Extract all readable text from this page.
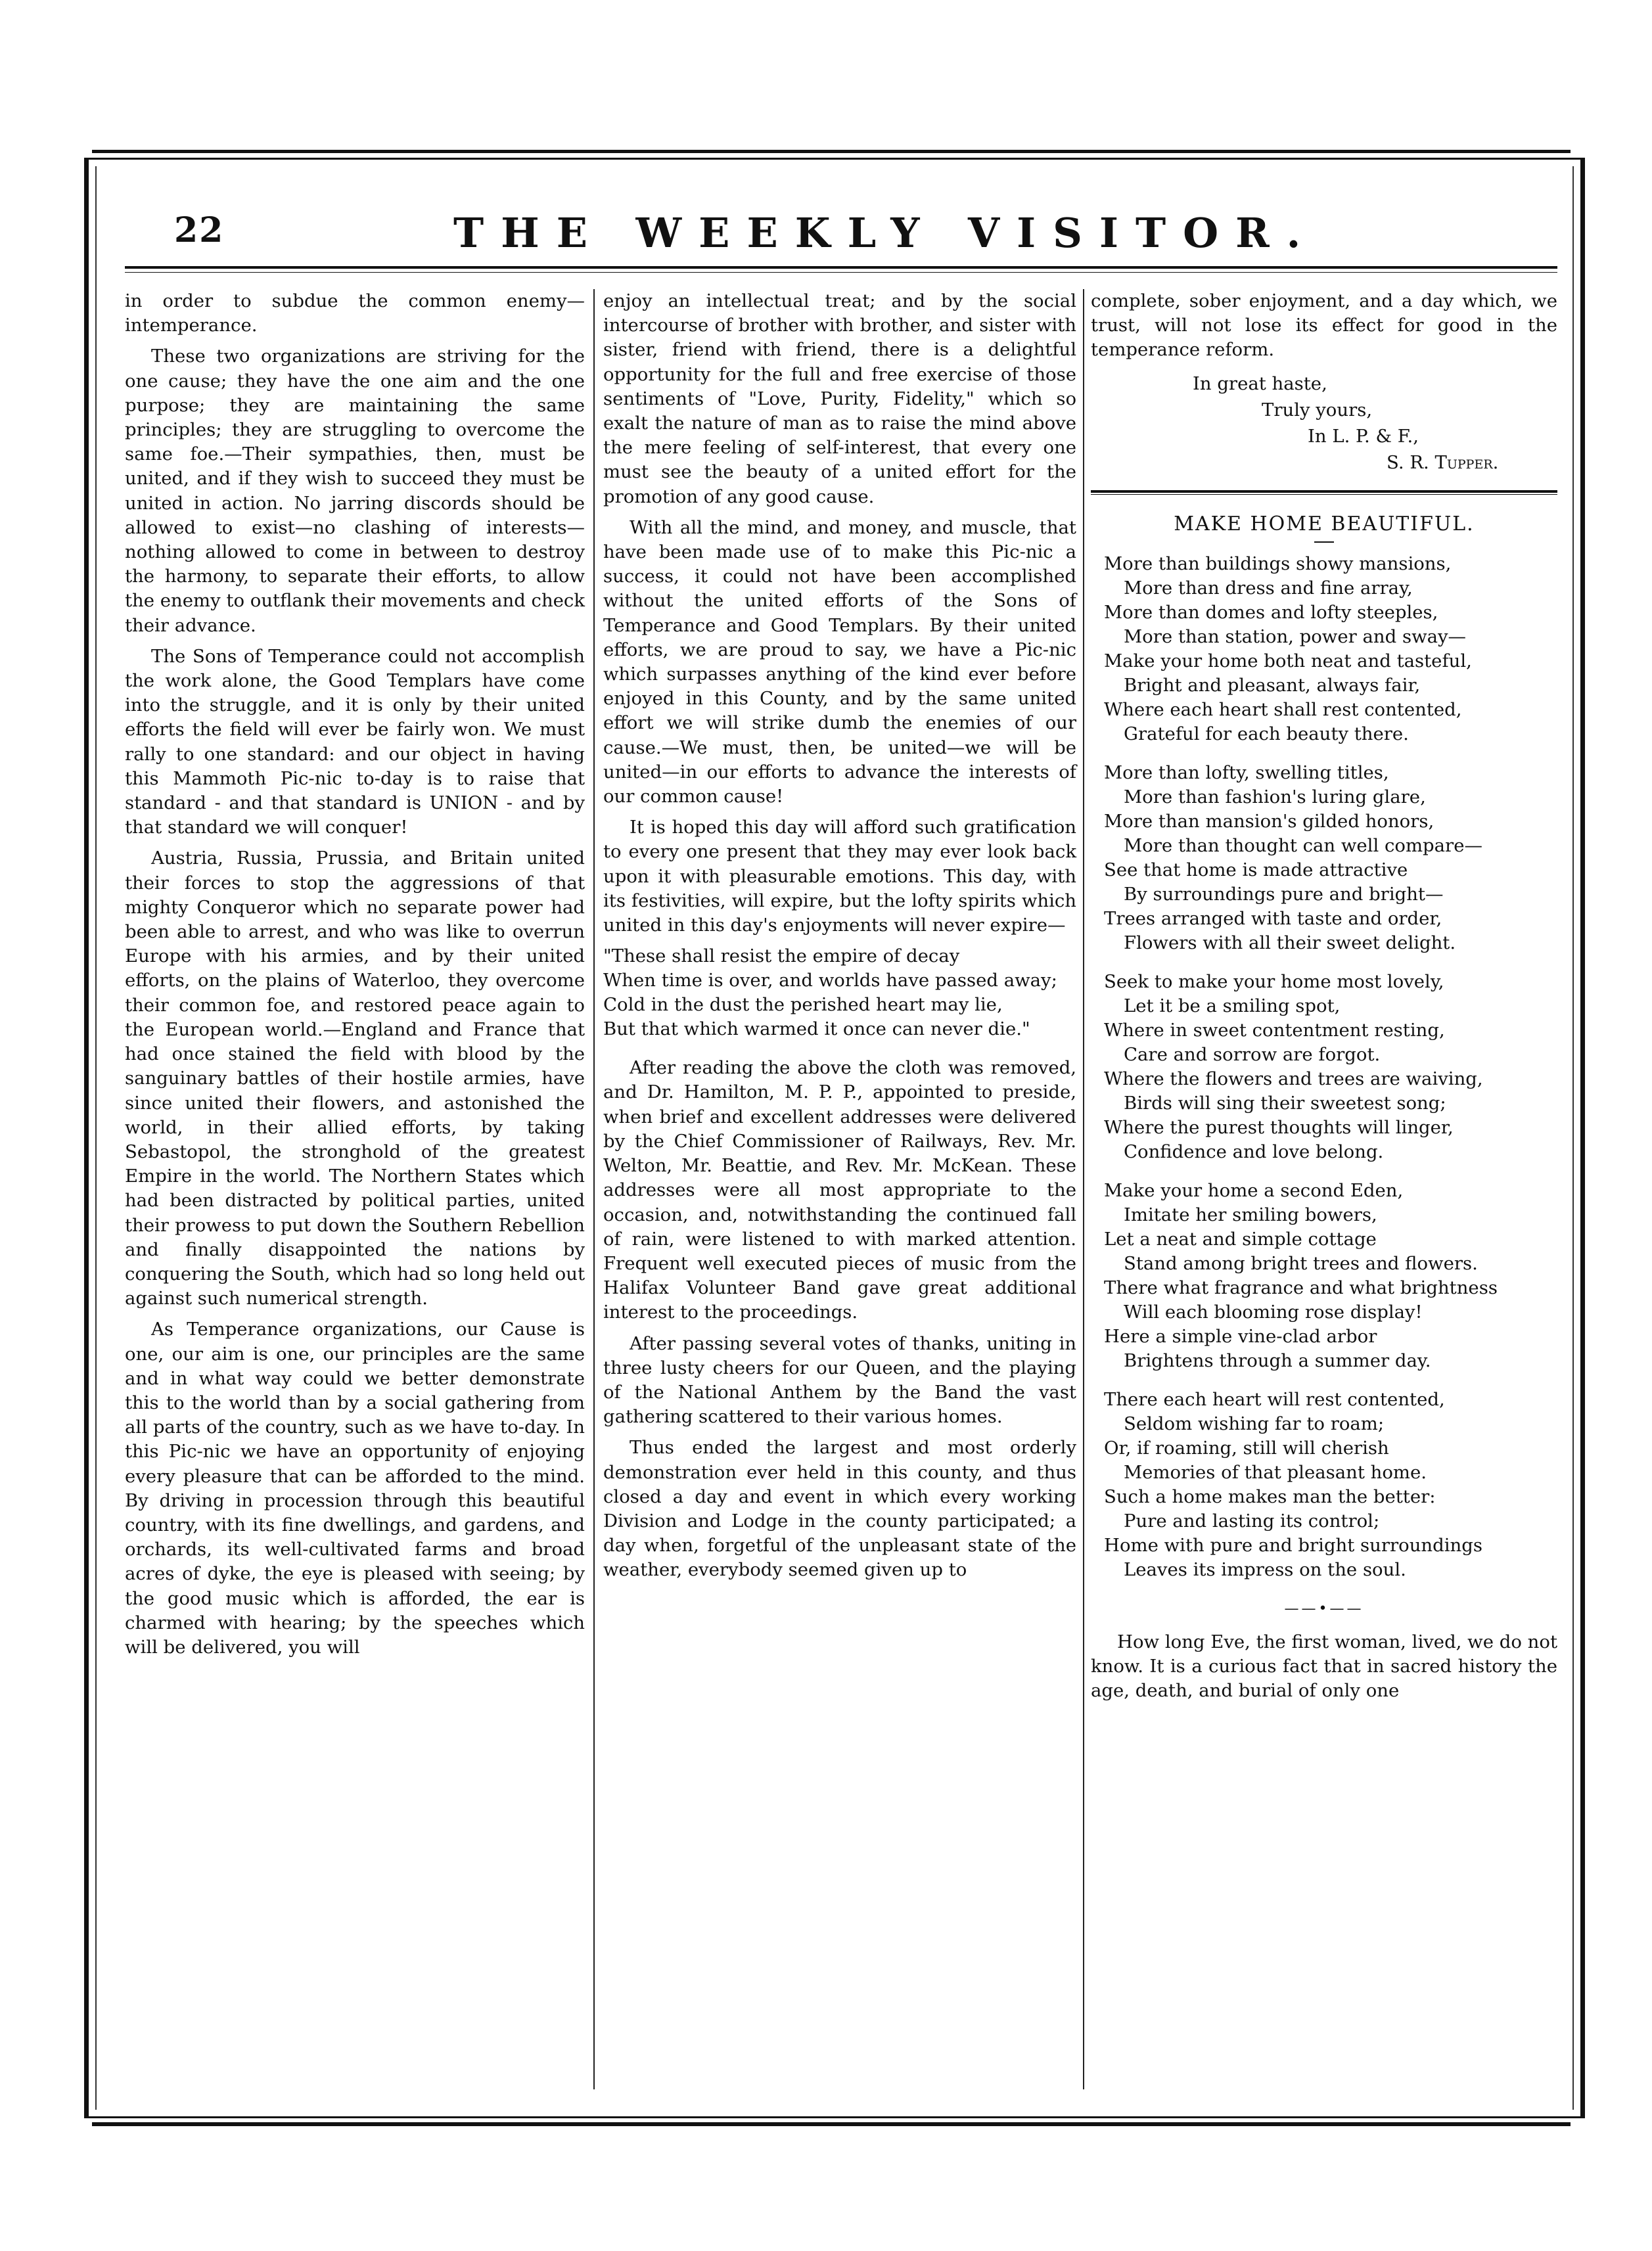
22	THE WEEKLY VISITOR.

in order to subdue the common enemy—intemperance.

These two organizations are striving for the one cause; they have the one aim and the one purpose; they are maintaining the same principles; they are struggling to overcome the same foe.—Their sympathies, then, must be united, and if they wish to succeed they must be united in action. No jarring discords should be allowed to exist—no clashing of interests—nothing allowed to come in between to destroy the harmony, to separate their efforts, to allow the enemy to outflank their movements and check their advance.

The Sons of Temperance could not accomplish the work alone, the Good Templars have come into the struggle, and it is only by their united efforts the field will ever be fairly won. We must rally to one standard: and our object in having this Mammoth Pic-nic to-day is to raise that standard - and that standard is UNION - and by that standard we will conquer!

Austria, Russia, Prussia, and Britain united their forces to stop the aggressions of that mighty Conqueror which no separate power had been able to arrest, and who was like to overrun Europe with his armies, and by their united efforts, on the plains of Waterloo, they overcome their common foe, and restored peace again to the European world.—England and France that had once stained the field with blood by the sanguinary battles of their hostile armies, have since united their flowers, and astonished the world, in their allied efforts, by taking Sebastopol, the stronghold of the greatest Empire in the world. The Northern States which had been distracted by political parties, united their prowess to put down the Southern Rebellion and finally disappointed the nations by conquering the South, which had so long held out against such numerical strength.

As Temperance organizations, our Cause is one, our aim is one, our principles are the same and in what way could we better demonstrate this to the world than by a social gathering from all parts of the country, such as we have to-day. In this Pic-nic we have an opportunity of enjoying every pleasure that can be afforded to the mind. By driving in procession through this beautiful country, with its fine dwellings, and gardens, and orchards, its well-cultivated farms and broad acres of dyke, the eye is pleased with seeing; by the good music which is afforded, the ear is charmed with hearing; by the speeches which will be delivered, you will

enjoy an intellectual treat; and by the social intercourse of brother with brother, and sister with sister, friend with friend, there is a delightful opportunity for the full and free exercise of those sentiments of "Love, Purity, Fidelity," which so exalt the nature of man as to raise the mind above the mere feeling of self-interest, that every one must see the beauty of a united effort for the promotion of any good cause.

With all the mind, and money, and muscle, that have been made use of to make this Pic-nic a success, it could not have been accomplished without the united efforts of the Sons of Temperance and Good Templars. By their united efforts, we are proud to say, we have a Pic-nic which surpasses anything of the kind ever before enjoyed in this County, and by the same united effort we will strike dumb the enemies of our cause.—We must, then, be united—we will be united—in our efforts to advance the interests of our common cause!

It is hoped this day will afford such gratification to every one present that they may ever look back upon it with pleasurable emotions. This day, with its festivities, will expire, but the lofty spirits which united in this day's enjoyments will never expire—

"These shall resist the empire of decay
When time is over, and worlds have passed away;
Cold in the dust the perished heart may lie,
But that which warmed it once can never die."

After reading the above the cloth was removed, and Dr. Hamilton, M. P. P., appointed to preside, when brief and excellent addresses were delivered by the Chief Commissioner of Railways, Rev. Mr. Welton, Mr. Beattie, and Rev. Mr. McKean. These addresses were all most appropriate to the occasion, and, notwithstanding the continued fall of rain, were listened to with marked attention. Frequent well executed pieces of music from the Halifax Volunteer Band gave great additional interest to the proceedings.

After passing several votes of thanks, uniting in three lusty cheers for our Queen, and the playing of the National Anthem by the Band the vast gathering scattered to their various homes.

Thus ended the largest and most orderly demonstration ever held in this county, and thus closed a day and event in which every working Division and Lodge in the county participated; a day when, forgetful of the unpleasant state of the weather, everybody seemed given up to

complete, sober enjoyment, and a day which, we trust, will not lose its effect for good in the temperance reform.

In great haste,
Truly yours,
In L. P. & F.,
S. R. Tupper.
MAKE HOME BEAUTIFUL.
More than buildings showy mansions,
More than dress and fine array,
More than domes and lofty steeples,
More than station, power and sway—
Make your home both neat and tasteful,
Bright and pleasant, always fair,
Where each heart shall rest contented,
Grateful for each beauty there.
More than lofty, swelling titles,
More than fashion's luring glare,
More than mansion's gilded honors,
More than thought can well compare—
See that home is made attractive
By surroundings pure and bright—
Trees arranged with taste and order,
Flowers with all their sweet delight.
Seek to make your home most lovely,
Let it be a smiling spot,
Where in sweet contentment resting,
Care and sorrow are forgot.
Where the flowers and trees are waiving,
Birds will sing their sweetest song;
Where the purest thoughts will linger,
Confidence and love belong.
Make your home a second Eden,
Imitate her smiling bowers,
Let a neat and simple cottage
Stand among bright trees and flowers.
There what fragrance and what brightness
Will each blooming rose display!
Here a simple vine-clad arbor
Brightens through a summer day.
There each heart will rest contented,
Seldom wishing far to roam;
Or, if roaming, still will cherish
Memories of that pleasant home.
Such a home makes man the better:
Pure and lasting its control;
Home with pure and bright surroundings
Leaves its impress on the soul.
——•——

How long Eve, the first woman, lived, we do not know. It is a curious fact that in sacred history the age, death, and burial of only one
